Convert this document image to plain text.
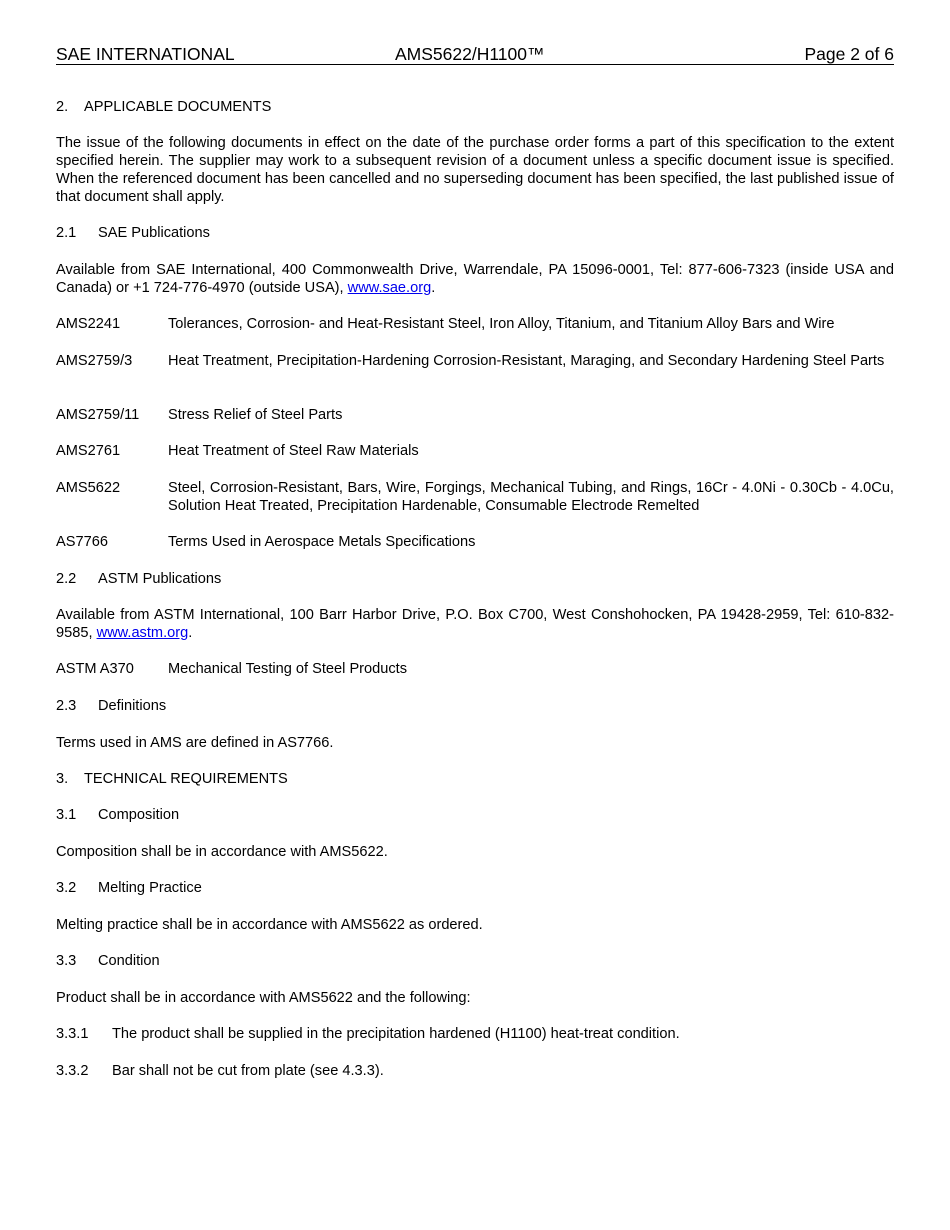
SAE INTERNATIONAL	AMS5622/H1100™	Page 2 of 6
2. APPLICABLE DOCUMENTS
The issue of the following documents in effect on the date of the purchase order forms a part of this specification to the extent specified herein. The supplier may work to a subsequent revision of a document unless a specific document issue is specified. When the referenced document has been cancelled and no superseding document has been specified, the last published issue of that document shall apply.
2.1 SAE Publications
Available from SAE International, 400 Commonwealth Drive, Warrendale, PA 15096-0001, Tel: 877-606-7323 (inside USA and Canada) or +1 724-776-4970 (outside USA), www.sae.org.
AMS2241	Tolerances, Corrosion- and Heat-Resistant Steel, Iron Alloy, Titanium, and Titanium Alloy Bars and Wire
AMS2759/3	Heat Treatment, Precipitation-Hardening Corrosion-Resistant, Maraging, and Secondary Hardening Steel Parts
AMS2759/11	Stress Relief of Steel Parts
AMS2761	Heat Treatment of Steel Raw Materials
AMS5622	Steel, Corrosion-Resistant, Bars, Wire, Forgings, Mechanical Tubing, and Rings, 16Cr - 4.0Ni - 0.30Cb - 4.0Cu, Solution Heat Treated, Precipitation Hardenable, Consumable Electrode Remelted
AS7766	Terms Used in Aerospace Metals Specifications
2.2 ASTM Publications
Available from ASTM International, 100 Barr Harbor Drive, P.O. Box C700, West Conshohocken, PA 19428-2959, Tel: 610-832-9585, www.astm.org.
ASTM A370	Mechanical Testing of Steel Products
2.3 Definitions
Terms used in AMS are defined in AS7766.
3. TECHNICAL REQUIREMENTS
3.1 Composition
Composition shall be in accordance with AMS5622.
3.2 Melting Practice
Melting practice shall be in accordance with AMS5622 as ordered.
3.3 Condition
Product shall be in accordance with AMS5622 and the following:
3.3.1 The product shall be supplied in the precipitation hardened (H1100) heat-treat condition.
3.3.2 Bar shall not be cut from plate (see 4.3.3).
